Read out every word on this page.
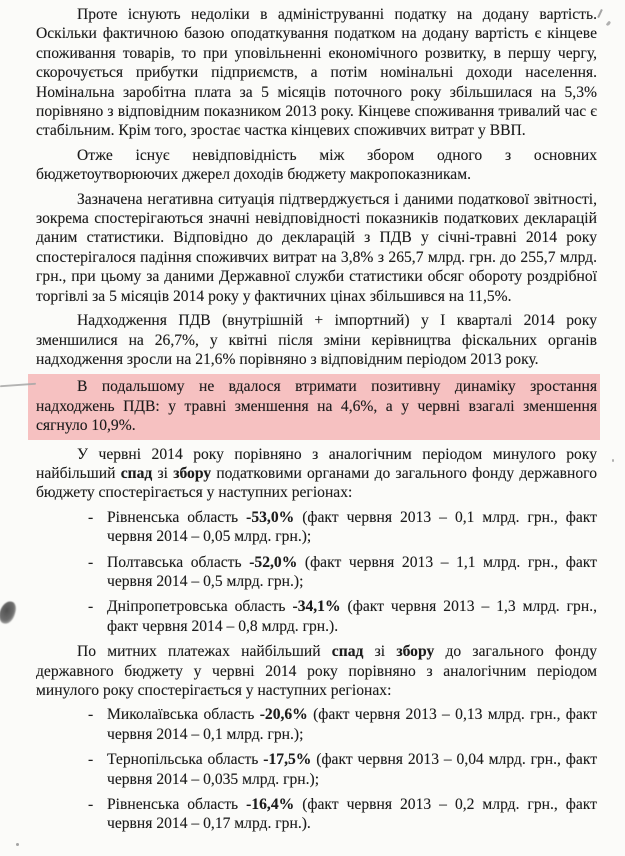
Проте існують недоліки в адмініструванні податку на додану вартість. Оскільки фактичною базою оподаткування податком на додану вартість є кінцеве споживання товарів, то при уповільненні економічного розвитку, в першу чергу, скорочується прибутки підприємств, а потім номінальні доходи населення. Номінальна заробітна плата за 5 місяців поточного року збільшилася на 5,3% порівняно з відповідним показником 2013 року. Кінцеве споживання тривалий час є стабільним. Крім того, зростає частка кінцевих споживчих витрат у ВВП.

Отже існує невідповідність між збором одного з основних бюджетоутворюючих джерел доходів бюджету макропоказникам.

Зазначена негативна ситуація підтверджується і даними податкової звітності, зокрема спостерігаються значні невідповідності показників податкових декларацій даним статистики. Відповідно до декларацій з ПДВ у січні-травні 2014 року спостерігалося падіння споживчих витрат на 3,8% з 265,7 млрд. грн. до 255,7 млрд. грн., при цьому за даними Державної служби статистики обсяг обороту роздрібної торгівлі за 5 місяців 2014 року у фактичних цінах збільшився на 11,5%.

Надходження ПДВ (внутрішній + імпортний) у І кварталі 2014 року зменшилися на 26,7%, у квітні після зміни керівництва фіскальних органів надходження зросли на 21,6% порівняно з відповідним періодом 2013 року.

В подальшому не вдалося втримати позитивну динаміку зростання надходжень ПДВ: у травні зменшення на 4,6%, а у червні взагалі зменшення сягнуло 10,9%.

У червні 2014 року порівняно з аналогічним періодом минулого року найбільший спад зі збору податковими органами до загального фонду державного бюджету спостерігається у наступних регіонах:

- Рівненська область -53,0% (факт червня 2013 – 0,1 млрд. грн., факт червня 2014 – 0,05 млрд. грн.);
- Полтавська область -52,0% (факт червня 2013 – 1,1 млрд. грн., факт червня 2014 – 0,5 млрд. грн.);
- Дніпропетровська область -34,1% (факт червня 2013 – 1,3 млрд. грн., факт червня 2014 – 0,8 млрд. грн.).

По митних платежах найбільший спад зі збору до загального фонду державного бюджету у червні 2014 року порівняно з аналогічним періодом минулого року спостерігається у наступних регіонах:

- Миколаївська область -20,6% (факт червня 2013 – 0,13 млрд. грн., факт червня 2014 – 0,1 млрд. грн.);
- Тернопільська область -17,5% (факт червня 2013 – 0,04 млрд. грн., факт червня 2014 – 0,035 млрд. грн.);
- Рівненська область -16,4% (факт червня 2013 – 0,2 млрд. грн., факт червня 2014 – 0,17 млрд. грн.).
